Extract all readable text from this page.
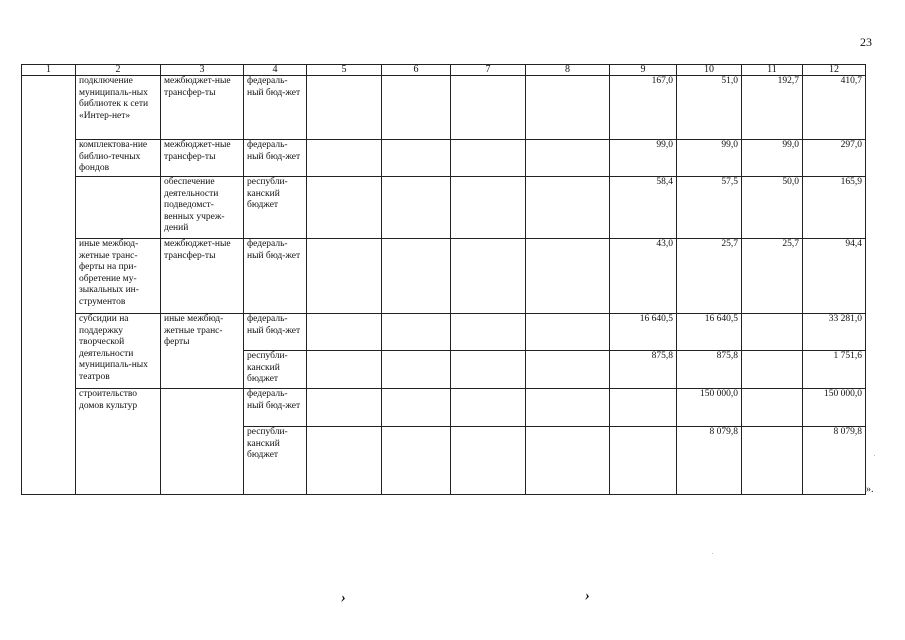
23
1	2	3	4	5	6	7	8	9	10	11	12
	подключение муниципаль-ных библиотек к сети «Интер-нет»	межбюджет-ные трансфер-ты	федераль-ный бюд-жет					167,0	51,0	192,7	410,7
	комплектова-ние библио-течных фондов	межбюджет-ные трансфер-ты	федераль-ный бюд-жет					99,0	99,0	99,0	297,0
		обеспечение деятельности подведомст-венных учреж-дений	республи-канский бюджет					58,4	57,5	50,0	165,9
	иные межбюд-жетные транс-ферты на при-обретение му-зыкальных ин-струментов	межбюджет-ные трансфер-ты	федераль-ный бюд-жет					43,0	25,7	25,7	94,4
	субсидии на поддержку творческой деятельности муниципаль-ных театров	иные межбюд-жетные транс-ферты	федераль-ный бюд-жет					16 640,5	16 640,5		33 281,0
			республи-канский бюджет					875,8	875,8		1 751,6
	строительство домов культур		федераль-ный бюд-жет						150 000,0		150 000,0
			республи-канский бюджет						8 079,8		8 079,8
».
›	›
